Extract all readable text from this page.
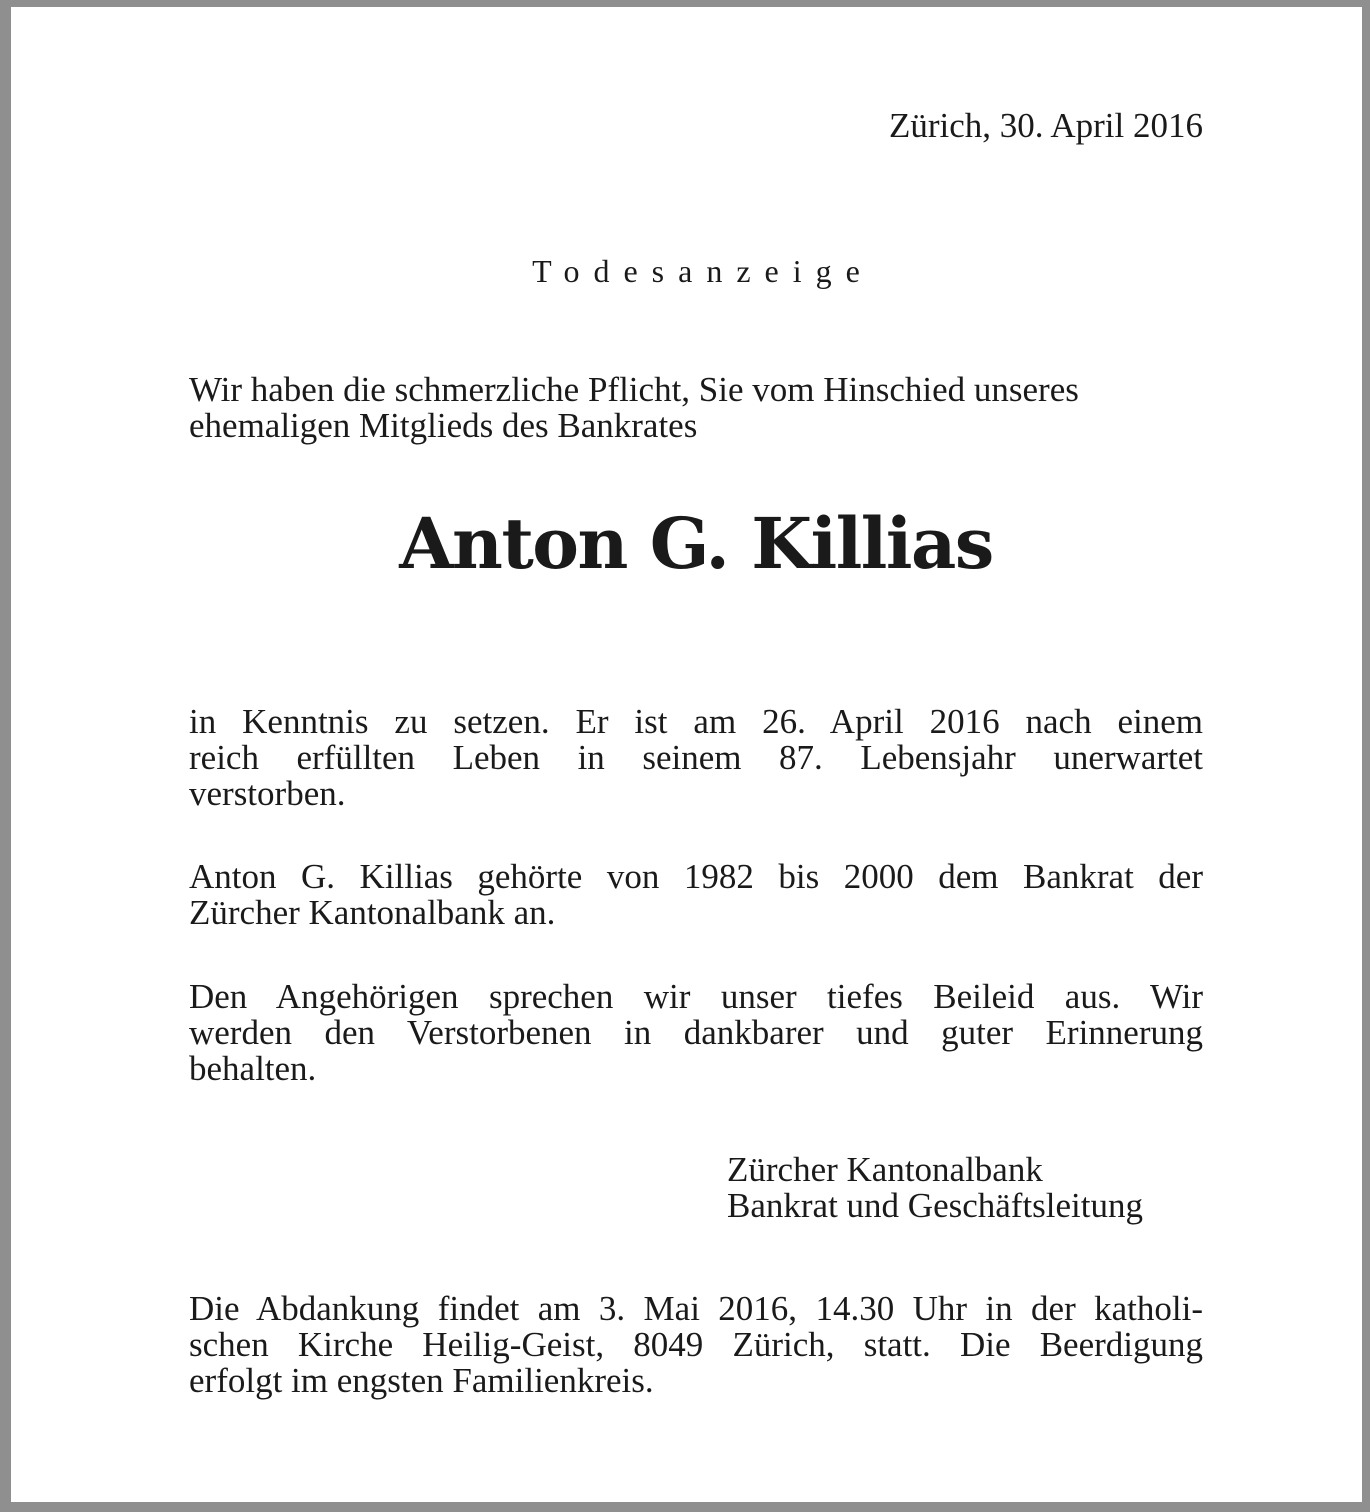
Zürich, 30. April 2016
Todesanzeige
Wir haben die schmerzliche Pflicht, Sie vom Hinschied unseres
ehemaligen Mitglieds des Bankrates
Anton G. Killias
in Kenntnis zu setzen. Er ist am 26. April 2016 nach einem
reich erfüllten Leben in seinem 87. Lebensjahr unerwartet
verstorben.
Anton G. Killias gehörte von 1982 bis 2000 dem Bankrat der
Zürcher Kantonalbank an.
Den Angehörigen sprechen wir unser tiefes Beileid aus. Wir
werden den Verstorbenen in dankbarer und guter Erinnerung
behalten.
Zürcher Kantonalbank
Bankrat und Geschäftsleitung
Die Abdankung findet am 3. Mai 2016, 14.30 Uhr in der katholi-
schen Kirche Heilig-Geist, 8049 Zürich, statt. Die Beerdigung
erfolgt im engsten Familienkreis.
